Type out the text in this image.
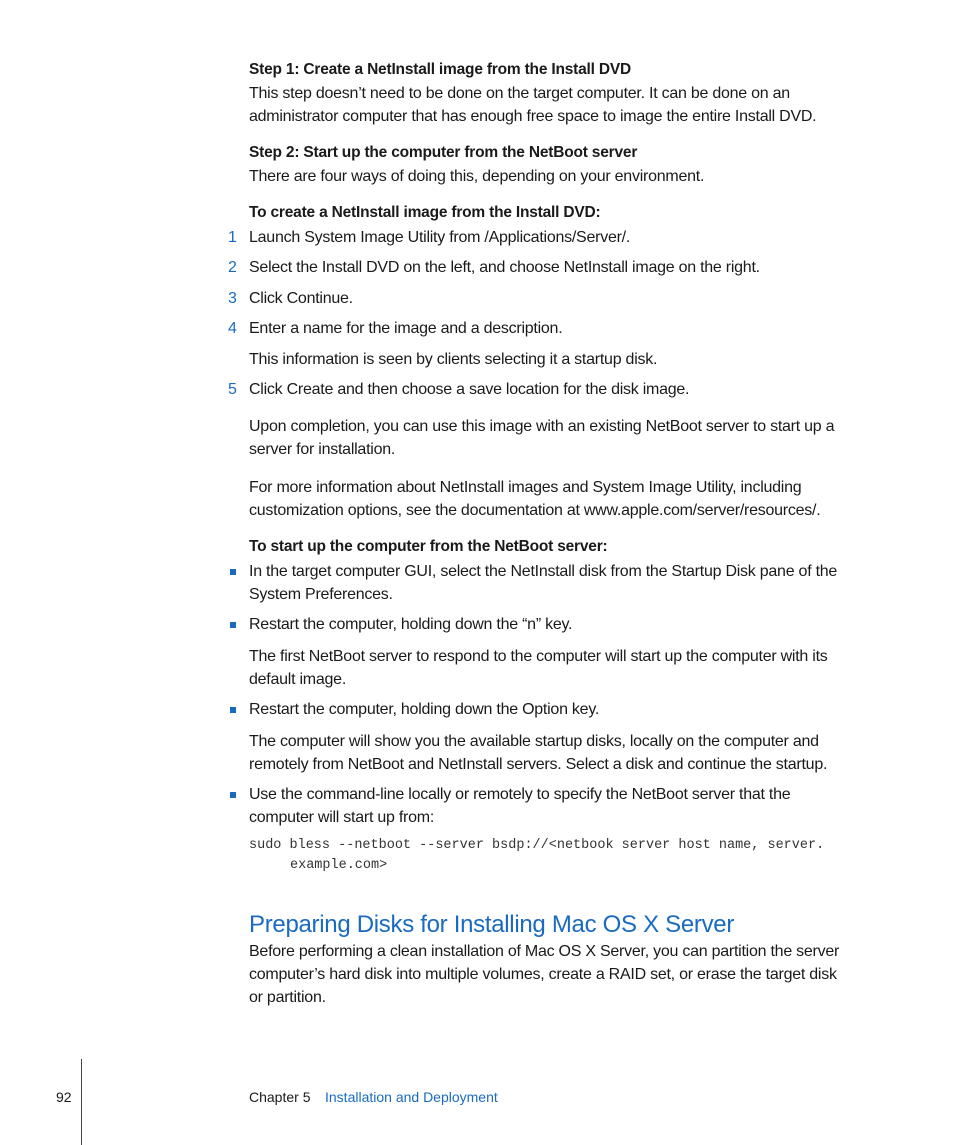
Step 1: Create a NetInstall image from the Install DVD
This step doesn’t need to be done on the target computer. It can be done on an
administrator computer that has enough free space to image the entire Install DVD.
Step 2: Start up the computer from the NetBoot server
There are four ways of doing this, depending on your environment.
To create a NetInstall image from the Install DVD:
1 Launch System Image Utility from /Applications/Server/.
2 Select the Install DVD on the left, and choose NetInstall image on the right.
3 Click Continue.
4 Enter a name for the image and a description.
This information is seen by clients selecting it a startup disk.
5 Click Create and then choose a save location for the disk image.
Upon completion, you can use this image with an existing NetBoot server to start up a
server for installation.
For more information about NetInstall images and System Image Utility, including
customization options, see the documentation at www.apple.com/server/resources/.
To start up the computer from the NetBoot server:
In the target computer GUI, select the NetInstall disk from the Startup Disk pane of the
System Preferences.
Restart the computer, holding down the “n” key.
The first NetBoot server to respond to the computer will start up the computer with its
default image.
Restart the computer, holding down the Option key.
The computer will show you the available startup disks, locally on the computer and
remotely from NetBoot and NetInstall servers. Select a disk and continue the startup.
Use the command-line locally or remotely to specify the NetBoot server that the
computer will start up from:
sudo bless --netboot --server bsdp://<netbook server host name, server.
example.com>
Preparing Disks for Installing Mac OS X Server
Before performing a clean installation of Mac OS X Server, you can partition the server
computer’s hard disk into multiple volumes, create a RAID set, or erase the target disk
or partition.
92	Chapter 5 Installation and Deployment
